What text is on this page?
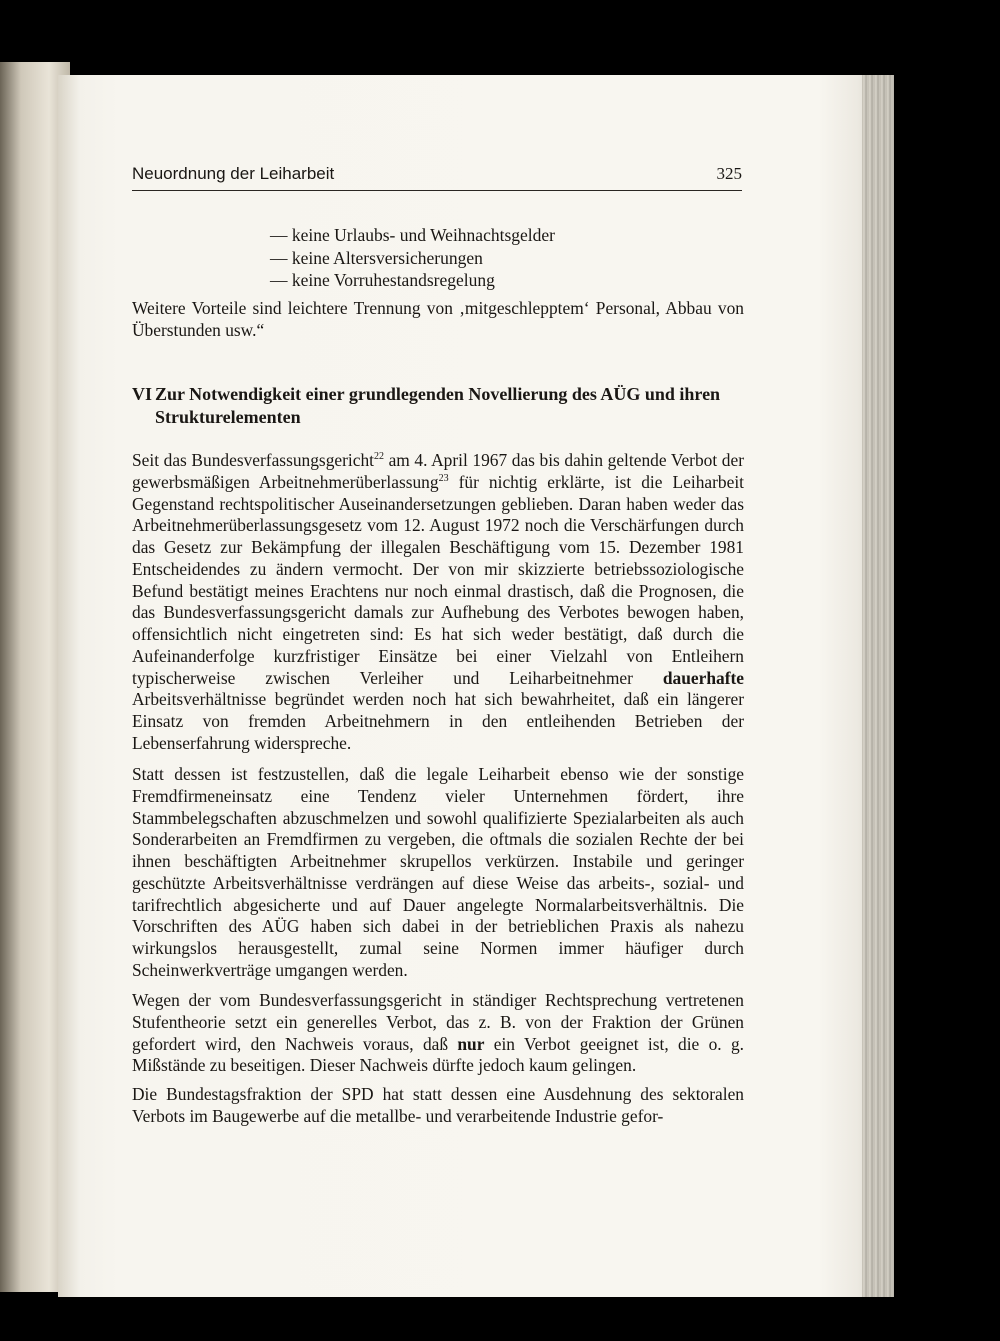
Neuordnung der Leiharbeit	325
— keine Urlaubs- und Weihnachtsgelder
— keine Altersversicherungen
— keine Vorruhestandsregelung

Weitere Vorteile sind leichtere Trennung von ‚mitgeschlepptem‘ Personal, Abbau von Überstunden usw.“

VI Zur Notwendigkeit einer grundlegenden Novellierung des AÜG und ihren Strukturelementen

Seit das Bundesverfassungsgericht$^{22}$ am 4. April 1967 das bis dahin geltende Verbot der gewerbsmäßigen Arbeitnehmerüberlassung$^{23}$ für nichtig erklärte, ist die Leiharbeit Gegenstand rechtspolitischer Auseinandersetzungen geblieben. Daran haben weder das Arbeitnehmerüberlassungsgesetz vom 12. August 1972 noch die Verschärfungen durch das Gesetz zur Bekämpfung der illegalen Beschäftigung vom 15. Dezember 1981 Entscheidendes zu ändern vermocht. Der von mir skizzierte betriebssoziologische Befund bestätigt meines Erachtens nur noch einmal drastisch, daß die Prognosen, die das Bundesverfassungsgericht damals zur Aufhebung des Verbotes bewogen haben, offensichtlich nicht eingetreten sind: Es hat sich weder bestätigt, daß durch die Aufeinanderfolge kurzfristiger Einsätze bei einer Vielzahl von Entleihern typischerweise zwischen Verleiher und Leiharbeitnehmer dauerhafte Arbeitsverhältnisse begründet werden noch hat sich bewahrheitet, daß ein längerer Einsatz von fremden Arbeitnehmern in den entleihenden Betrieben der Lebenserfahrung widerspreche.

Statt dessen ist festzustellen, daß die legale Leiharbeit ebenso wie der sonstige Fremdfirmeneinsatz eine Tendenz vieler Unternehmen fördert, ihre Stammbelegschaften abzuschmelzen und sowohl qualifizierte Spezialarbeiten als auch Sonderarbeiten an Fremdfirmen zu vergeben, die oftmals die sozialen Rechte der bei ihnen beschäftigten Arbeitnehmer skrupellos verkürzen. Instabile und geringer geschützte Arbeitsverhältnisse verdrängen auf diese Weise das arbeits-, sozial- und tarifrechtlich abgesicherte und auf Dauer angelegte Normalarbeitsverhältnis. Die Vorschriften des AÜG haben sich dabei in der betrieblichen Praxis als nahezu wirkungslos herausgestellt, zumal seine Normen immer häufiger durch Scheinwerkverträge umgangen werden.

Wegen der vom Bundesverfassungsgericht in ständiger Rechtsprechung vertretenen Stufentheorie setzt ein generelles Verbot, das z. B. von der Fraktion der Grünen gefordert wird, den Nachweis voraus, daß nur ein Verbot geeignet ist, die o. g. Mißstände zu beseitigen. Dieser Nachweis dürfte jedoch kaum gelingen.

Die Bundestagsfraktion der SPD hat statt dessen eine Ausdehnung des sektoralen Verbots im Baugewerbe auf die metallbe- und verarbeitende Industrie gefor-
